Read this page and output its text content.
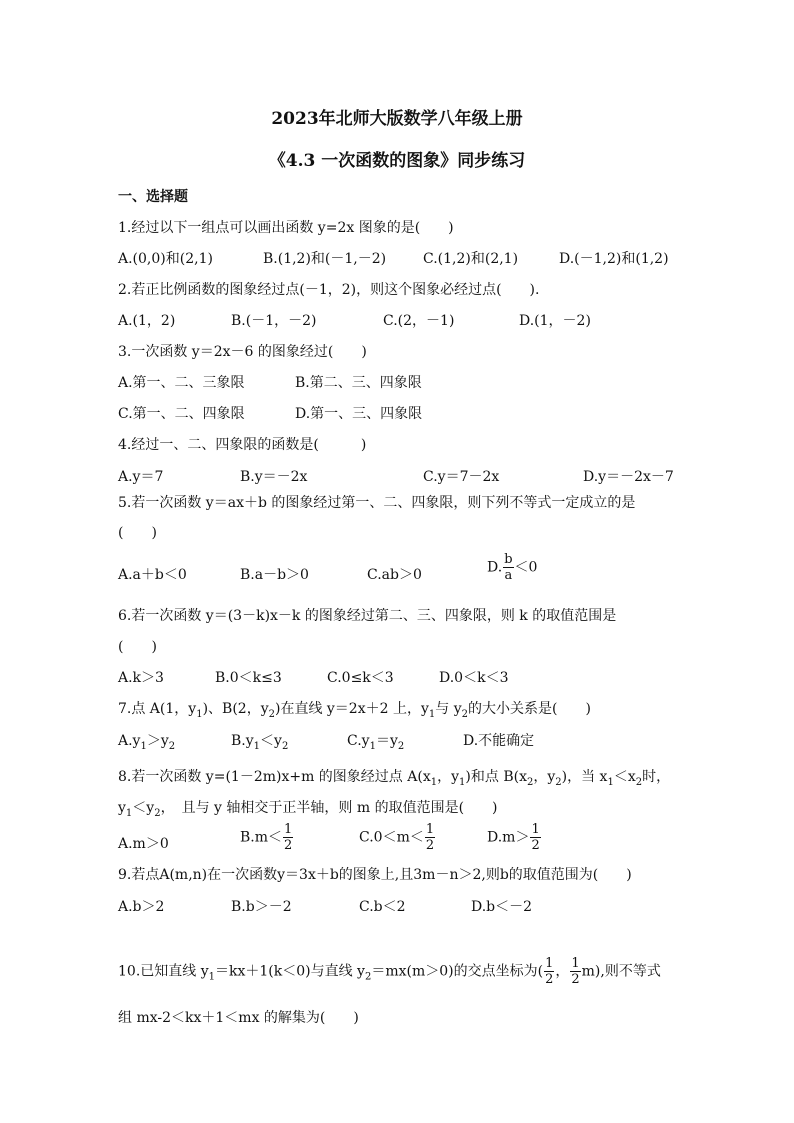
2023年北师大版数学八年级上册
《4.3 一次函数的图象》同步练习
一、选择题
1.经过以下一组点可以画出函数 y=2x 图象的是(　　)
A.(0,0)和(2,1)	B.(1,2)和(－1,－2)	C.(1,2)和(2,1)	D.(－1,2)和(1,2)
2.若正比例函数的图象经过点(－1，2)，则这个图象必经过点(　　).
A.(1，2)	B.(－1，－2)	C.(2，－1)	D.(1，－2)
3.一次函数 y＝2x－6 的图象经过(　　)
A.第一、二、三象限	B.第二、三、四象限
C.第一、二、四象限	D.第一、三、四象限
4.经过一、二、四象限的函数是(　　　)
A.y＝7	B.y＝－2x	C.y＝7－2x	D.y＝－2x－7
5.若一次函数 y＝ax＋b 的图象经过第一、二、四象限，则下列不等式一定成立的是
(　　)
A.a＋b＜0	B.a－b＞0	C.ab＞0	D. $\frac{b}{a} <0$
6.若一次函数 y＝(3－k)x－k 的图象经过第二、三、四象限，则 k 的取值范围是
(　　)
A.k＞3	B.0＜k≤3	C.0≤k＜3	D.0＜k＜3
7.点 A(1，$y_1$)、B(2，$y_2$)在直线 y＝2x＋2 上，$y_1$与 $y_2$的大小关系是(　　)
$A.y_1>y_2$	$B.y_1<y_2$	$C.y_1=y_2$	D.不能确定
8.若一次函数 y=(1－2m)x+m 的图象经过点 $A(x_1$，$y_1$)和点 $B(x_2$，$y_2$)，当 $x_1<x_2$时，
$y_1<y_2$，　且与 y 轴相交于正半轴，则 m 的取值范围是(　　)
A.m＞0	$B.m< \frac{1}{2}$	$C.0<m< \frac{1}{2}$	$D.m> \frac{1}{2}$
9.若点A(m,n)在一次函数y＝3x＋b的图象上,且3m－n＞2,则b的取值范围为(　　)
A.b＞2	B.b＞－2	C.b＜2	D.b＜－2
10.已知直线 $y_1=kx+1(k<0)$与直线 $y_2=mx(m>0)$的交点坐标为( $\frac{1}{2}$ ， $\frac{1}{2} m$),则不等式
组 mx-2＜kx＋1＜mx 的解集为(　　)
